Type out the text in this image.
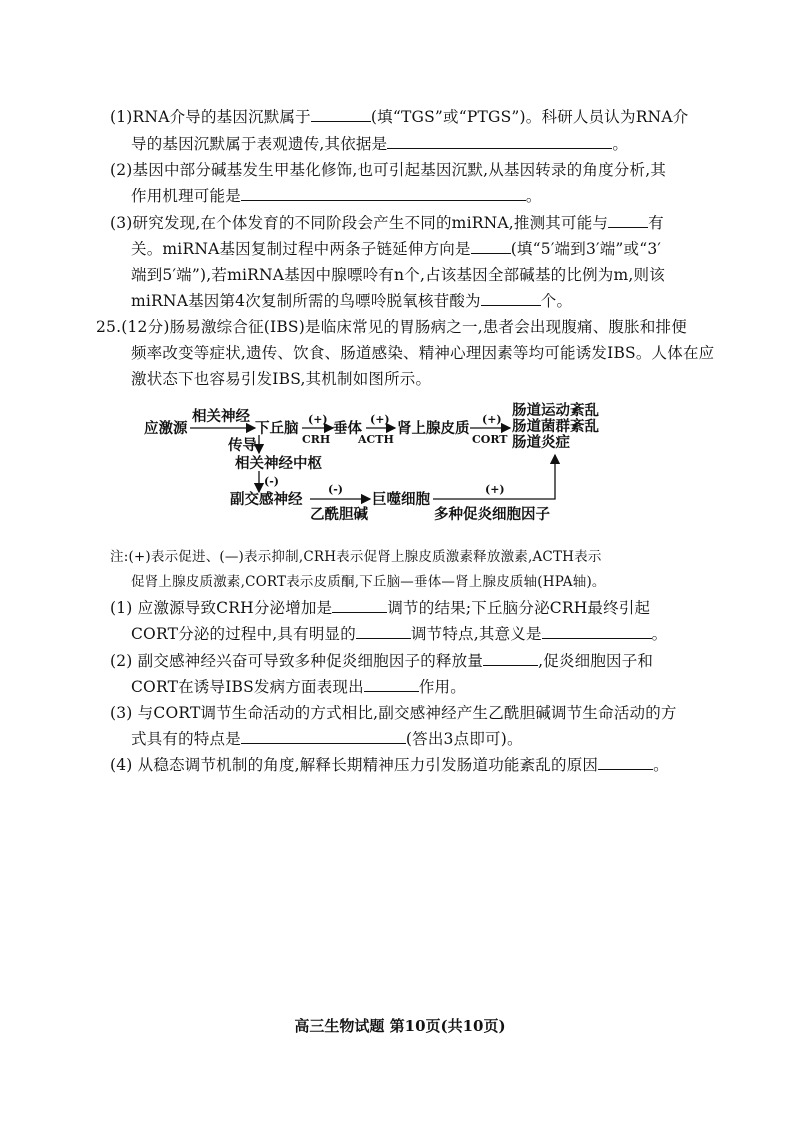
(1)RNA介导的基因沉默属于	(填“TGS”或“PTGS”)。科研人员认为RNA介
导的基因沉默属于表观遗传,其依据是	。
(2)基因中部分碱基发生甲基化修饰,也可引起基因沉默,从基因转录的角度分析,其
作用机理可能是	。
(3)研究发现,在个体发育的不同阶段会产生不同的miRNA,推测其可能与	有
关。miRNA基因复制过程中两条子链延伸方向是	(填“5′端到3′端”或“3′
端到5′端”),若miRNA基因中腺嘌呤有n个,占该基因全部碱基的比例为m,则该
miRNA基因第4次复制所需的鸟嘌呤脱氧核苷酸为	个。
25.(12分)肠易激综合征(IBS)是临床常见的胃肠病之一,患者会出现腹痛、腹胀和排便
频率改变等症状,遗传、饮食、肠道感染、精神心理因素等均可能诱发IBS。人体在应
激状态下也容易引发IBS,其机制如图所示。
应激源
相关神经
下丘脑
(+)
CRH
垂体
(+)
ACTH
肾上腺皮质
(+)
CORT
肠道运动紊乱
肠道菌群紊乱
肠道炎症
传导
相关神经中枢
(-)
副交感神经
(-)
乙酰胆碱
巨噬细胞
(+)
多种促炎细胞因子
注:(+)表示促进、(—)表示抑制,CRH表示促肾上腺皮质激素释放激素,ACTH表示
促肾上腺皮质激素,CORT表示皮质酮,下丘脑—垂体—肾上腺皮质轴(HPA轴)。
(1) 应激源导致CRH分泌增加是	调节的结果;下丘脑分泌CRH最终引起
CORT分泌的过程中,具有明显的	调节特点,其意义是	。
(2) 副交感神经兴奋可导致多种促炎细胞因子的释放量	,促炎细胞因子和
CORT在诱导IBS发病方面表现出	作用。
(3) 与CORT调节生命活动的方式相比,副交感神经产生乙酰胆碱调节生命活动的方
式具有的特点是	(答出3点即可)。
(4) 从稳态调节机制的角度,解释长期精神压力引发肠道功能紊乱的原因	。
高三生物试题 第10页(共10页)
